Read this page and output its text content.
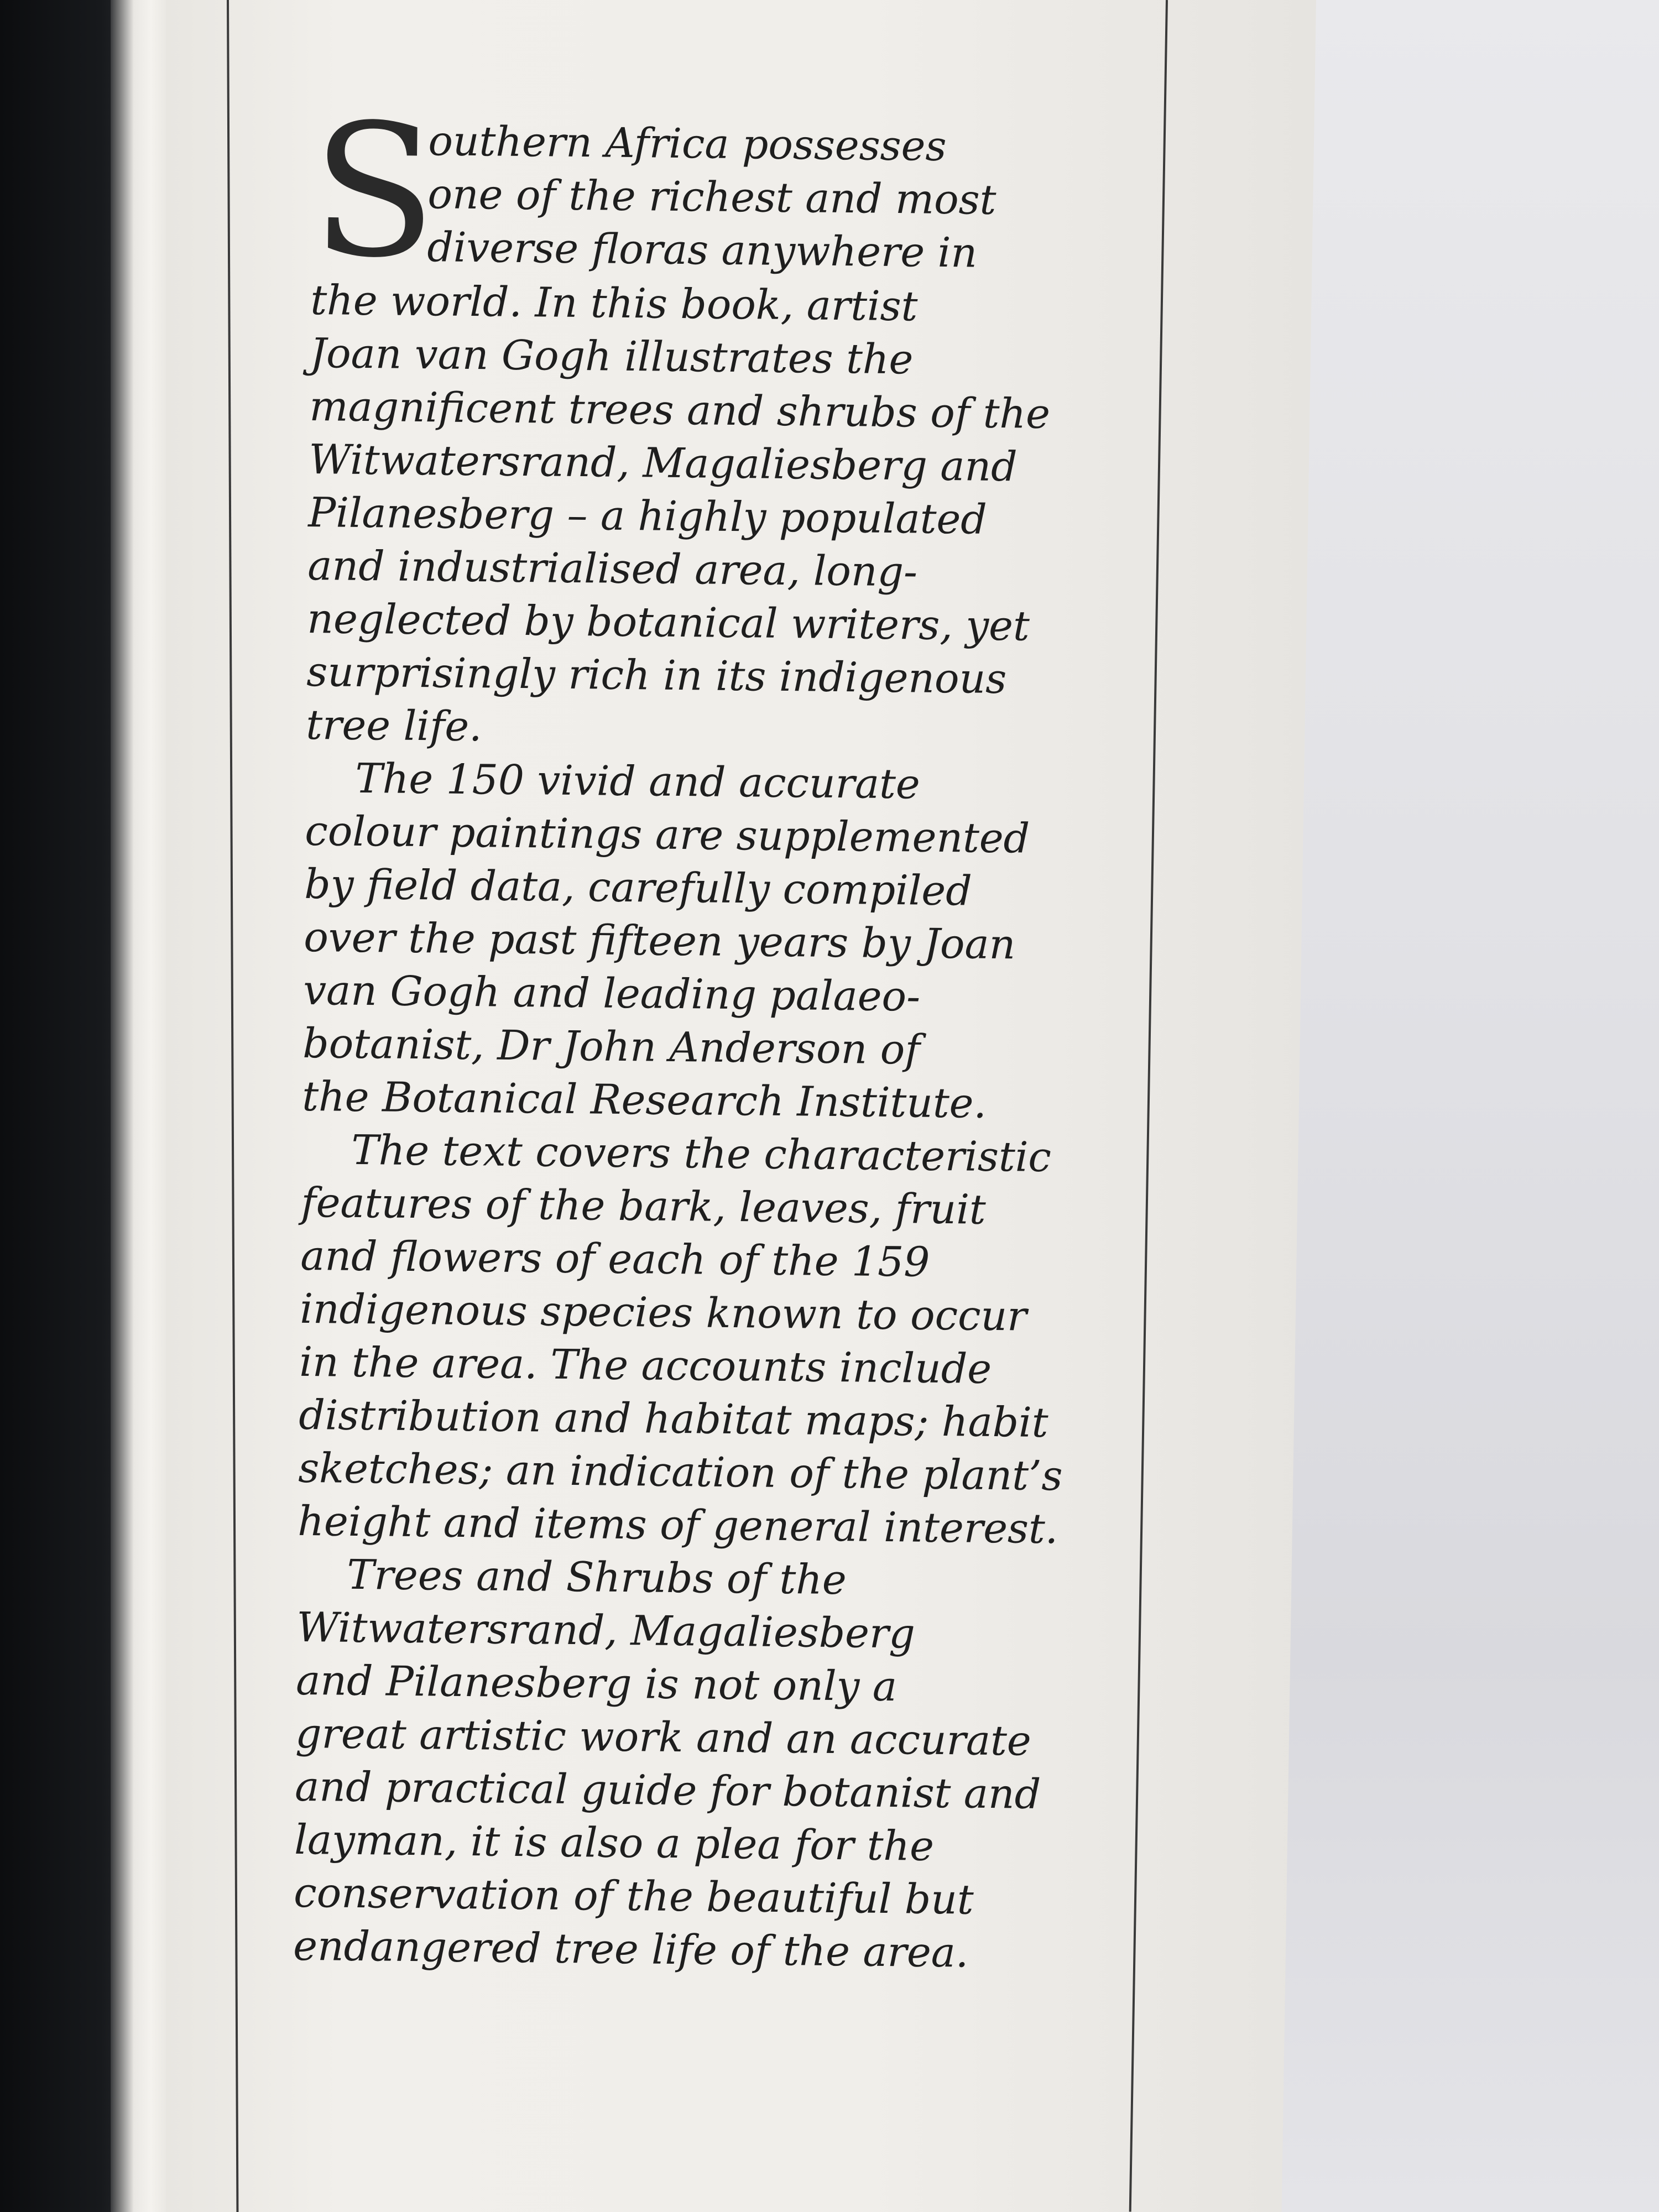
S
outhern Africa possesses
one of the richest and most
diverse floras anywhere in
the world. In this book, artist
Joan van Gogh illustrates the
magnificent trees and shrubs of the
Witwatersrand, Magaliesberg and
Pilanesberg – a highly populated
and industrialised area, long-
neglected by botanical writers, yet
surprisingly rich in its indigenous
tree life.
The 150 vivid and accurate
colour paintings are supplemented
by field data, carefully compiled
over the past fifteen years by Joan
van Gogh and leading palaeo-
botanist, Dr John Anderson of
the Botanical Research Institute.
The text covers the characteristic
features of the bark, leaves, fruit
and flowers of each of the 159
indigenous species known to occur
in the area. The accounts include
distribution and habitat maps; habit
sketches; an indication of the plant’s
height and items of general interest.
Trees and Shrubs of the
Witwatersrand, Magaliesberg
and Pilanesberg is not only a
great artistic work and an accurate
and practical guide for botanist and
layman, it is also a plea for the
conservation of the beautiful but
endangered tree life of the area.
